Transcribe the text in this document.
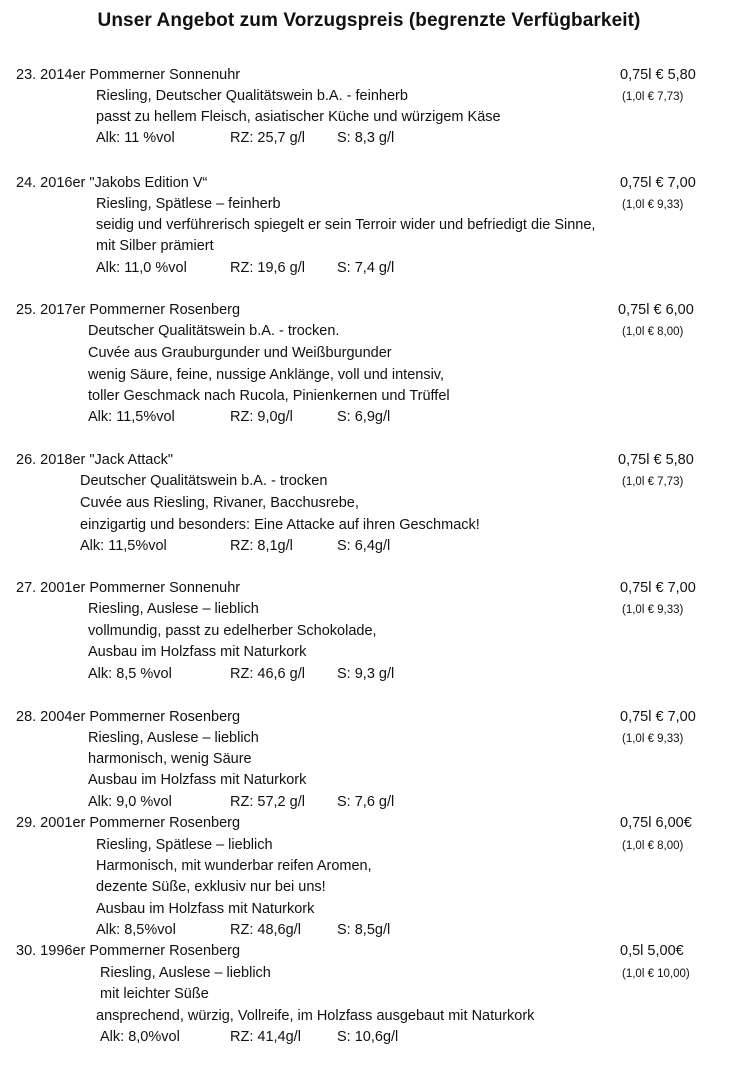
Unser Angebot zum Vorzugspreis (begrenzte Verfügbarkeit)
23. 2014er Pommerner Sonnenuhr	0,75l € 5,80
Riesling, Deutscher Qualitätswein b.A. - feinherb	(1,0l € 7,73)
passt zu hellem Fleisch, asiatischer Küche und würzigem Käse
Alk: 11 %vol	RZ: 25,7 g/l S: 8,3 g/l
24. 2016er "Jakobs Edition V“	0,75l € 7,00
Riesling, Spätlese – feinherb	(1,0l € 9,33)
seidig und verführerisch spiegelt er sein Terroir wider und befriedigt die Sinne,
mit Silber prämiert
Alk: 11,0 %vol	RZ: 19,6 g/l S: 7,4 g/l
25. 2017er Pommerner Rosenberg	0,75l € 6,00
Deutscher Qualitätswein b.A. - trocken.	(1,0l € 8,00)
Cuvée aus Grauburgunder und Weißburgunder
wenig Säure, feine, nussige Anklänge, voll und intensiv,
toller Geschmack nach Rucola, Pinienkernen und Trüffel
Alk: 11,5%vol	RZ: 9,0g/l	S: 6,9g/l
26. 2018er "Jack Attack"	0,75l € 5,80
Deutscher Qualitätswein b.A. - trocken	(1,0l € 7,73)
Cuvée aus Riesling, Rivaner, Bacchusrebe,
einzigartig und besonders: Eine Attacke auf ihren Geschmack!
Alk: 11,5%vol	RZ: 8,1g/l	S: 6,4g/l
27. 2001er Pommerner Sonnenuhr	0,75l € 7,00
Riesling, Auslese – lieblich	(1,0l € 9,33)
vollmundig, passt zu edelherber Schokolade,
Ausbau im Holzfass mit Naturkork
Alk: 8,5 %vol	RZ: 46,6 g/l S: 9,3 g/l
28. 2004er Pommerner Rosenberg	0,75l € 7,00
Riesling, Auslese – lieblich	(1,0l € 9,33)
harmonisch, wenig Säure
Ausbau im Holzfass mit Naturkork
Alk: 9,0 %vol	RZ: 57,2 g/l S: 7,6 g/l
29. 2001er Pommerner Rosenberg	0,75l 6,00€
Riesling, Spätlese – lieblich	(1,0l € 8,00)
Harmonisch, mit wunderbar reifen Aromen,
dezente Süße, exklusiv nur bei uns!
Ausbau im Holzfass mit Naturkork
Alk: 8,5%vol	RZ: 48,6g/l S: 8,5g/l
30. 1996er Pommerner Rosenberg	0,5l 5,00€
Riesling, Auslese – lieblich	(1,0l € 10,00)
mit leichter Süße
ansprechend, würzig, Vollreife, im Holzfass ausgebaut mit Naturkork
Alk: 8,0%vol	RZ: 41,4g/l S: 10,6g/l
